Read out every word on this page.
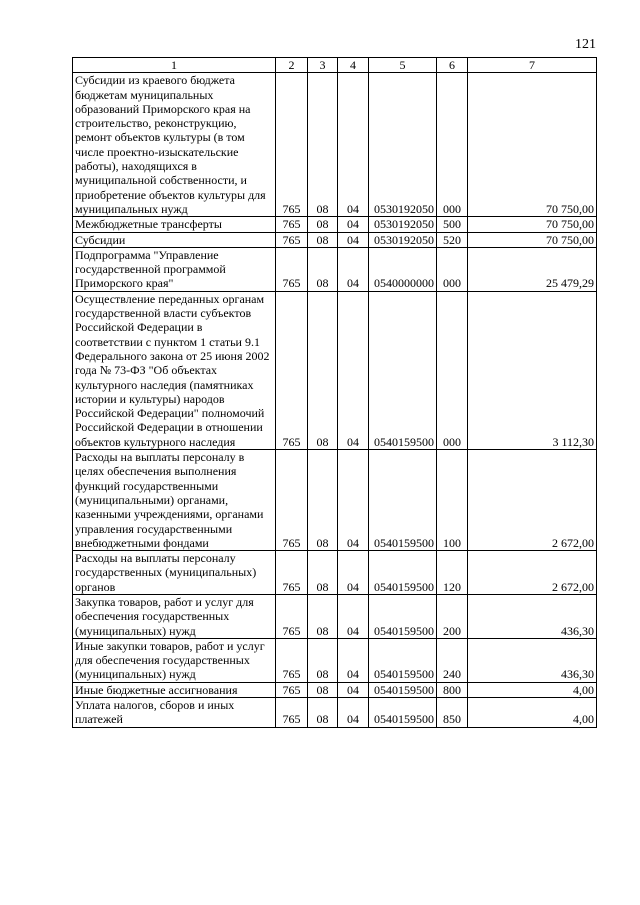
121
1	2	3	4	5	6	7
Субсидии из краевого бюджета бюджетам муниципальных образований Приморского края на строительство, реконструкцию, ремонт объектов культуры (в том числе проектно-изыскательские работы), находящихся в муниципальной собственности, и приобретение объектов культуры для муниципальных нужд	765	08	04	0530192050	000	70 750,00
Межбюджетные трансферты	765	08	04	0530192050	500	70 750,00
Субсидии	765	08	04	0530192050	520	70 750,00
Подпрограмма "Управление государственной программой Приморского края"	765	08	04	0540000000	000	25 479,29
Осуществление переданных органам государственной власти субъектов Российской Федерации в соответствии с пунктом 1 статьи 9.1 Федерального закона от 25 июня 2002 года № 73-ФЗ "Об объектах культурного наследия (памятниках истории и культуры) народов Российской Федерации" полномочий Российской Федерации в отношении объектов культурного наследия	765	08	04	0540159500	000	3 112,30
Расходы на выплаты персоналу в целях обеспечения выполнения функций государственными (муниципальными) органами, казенными учреждениями, органами управления государственными внебюджетными фондами	765	08	04	0540159500	100	2 672,00
Расходы на выплаты персоналу государственных (муниципальных) органов	765	08	04	0540159500	120	2 672,00
Закупка товаров, работ и услуг для обеспечения государственных (муниципальных) нужд	765	08	04	0540159500	200	436,30
Иные закупки товаров, работ и услуг для обеспечения государственных (муниципальных) нужд	765	08	04	0540159500	240	436,30
Иные бюджетные ассигнования	765	08	04	0540159500	800	4,00
Уплата налогов, сборов и иных платежей	765	08	04	0540159500	850	4,00
